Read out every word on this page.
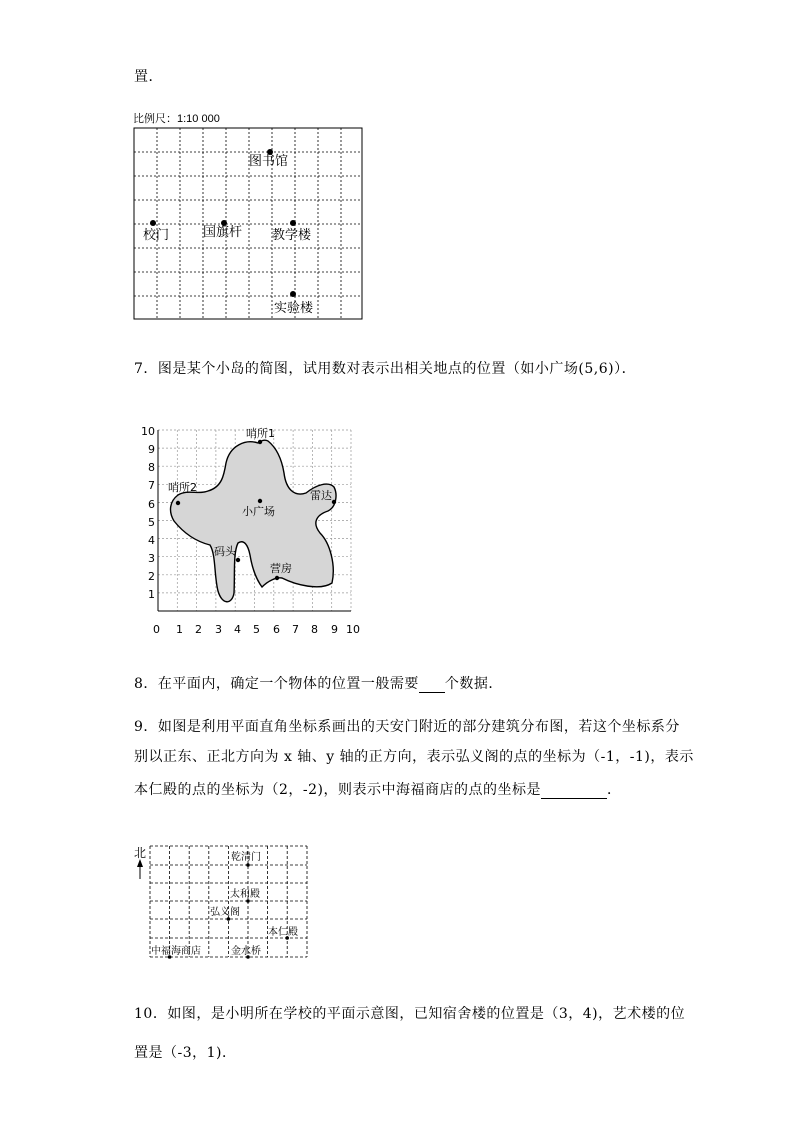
置．
比例尺：1:10 000
图书馆
校门	国旗杆 教学楼
实验楼
7．图是某个小岛的简图，试用数对表示出相关地点的位置（如小广场(5,6)）．
哨所1
哨所2
雷达
小广场
码头
营房
0 1 2 3 4 5 6 7 8 9 10
1
2
3
4
5
6
7
8
9
10
8．在平面内，确定一个物体的位置一般需要 个数据．
9．如图是利用平面直角坐标系画出的天安门附近的部分建筑分布图，若这个坐标系分
别以正东、正北方向为 x 轴、y 轴的正方向，表示弘义阁的点的坐标为（-1，-1)，表示
本仁殿的点的坐标为（2，-2)，则表示中海福商店的点的坐标是	．
北	乾清门
太和殿
弘义阁
本仁殿
中福海商店	金水桥
10．如图，是小明所在学校的平面示意图，已知宿舍楼的位置是（3，4)，艺术楼的位
置是（-3，1)．
